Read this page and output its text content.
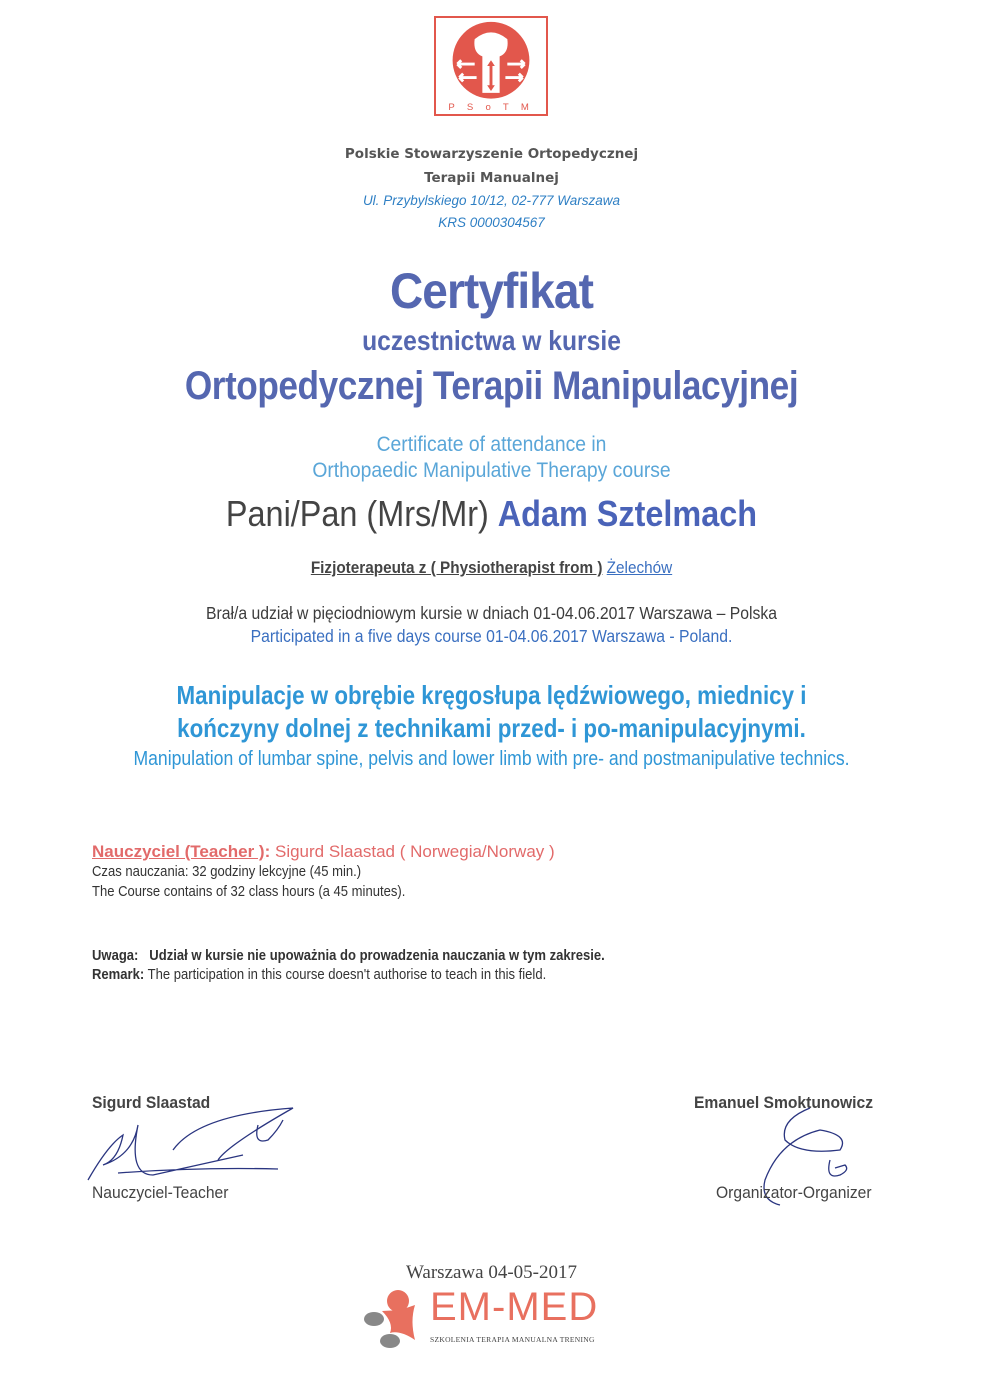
P S o T M
Polskie Stowarzyszenie Ortopedycznej
Terapii Manualnej
Ul. Przybylskiego 10/12, 02-777 Warszawa
KRS 0000304567
Certyfikat
uczestnictwa w kursie
Ortopedycznej Terapii Manipulacyjnej
Certificate of attendance in
Orthopaedic Manipulative Therapy course
Pani/Pan (Mrs/Mr) Adam Sztelmach
Fizjoterapeuta z ( Physiotherapist from ) Żelechów
Brał/a udział w pięciodniowym kursie w dniach 01-04.06.2017 Warszawa – Polska
Participated in a five days course 01-04.06.2017 Warszawa - Poland.
Manipulacje w obrębie kręgosłupa lędźwiowego, miednicy i
kończyny dolnej z technikami przed- i po-manipulacyjnymi.
Manipulation of lumbar spine, pelvis and lower limb with pre- and postmanipulative technics.
Nauczyciel (Teacher ): Sigurd Slaastad ( Norwegia/Norway )
Czas nauczania: 32 godziny lekcyjne (45 min.)
The Course contains of 32 class hours (a 45 minutes).
Uwaga: Udział w kursie nie upoważnia do prowadzenia nauczania w tym zakresie.
Remark: The participation in this course doesn't authorise to teach in this field.
Sigurd Slaastad
Nauczyciel-Teacher
Emanuel Smoktunowicz
Organizator-Organizer
Warszawa 04-05-2017
EM-MED
SZKOLENIA TERAPIA MANUALNA TRENING
